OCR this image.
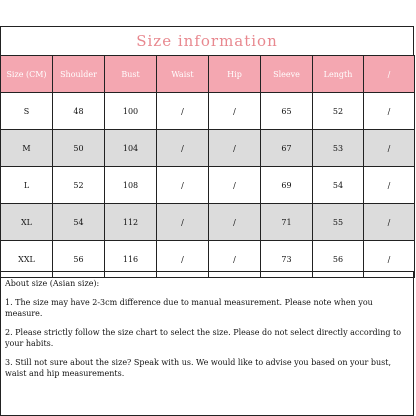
Size information
Size (CM)	Shoulder	Bust	Waist	Hip	Sleeve	Length	/
S	48	100	/	/	65	52	/
M	50	104	/	/	67	53	/
L	52	108	/	/	69	54	/
XL	54	112	/	/	71	55	/
XXL	56	116	/	/	73	56	/

About size (Asian size):

1. The size may have 2-3cm difference due to manual measurement. Please note when you measure.

2. Please strictly follow the size chart to select the size. Please do not select directly according to your habits.

3. Still not sure about the size? Speak with us. We would like to advise you based on your bust, waist and hip measurements.
